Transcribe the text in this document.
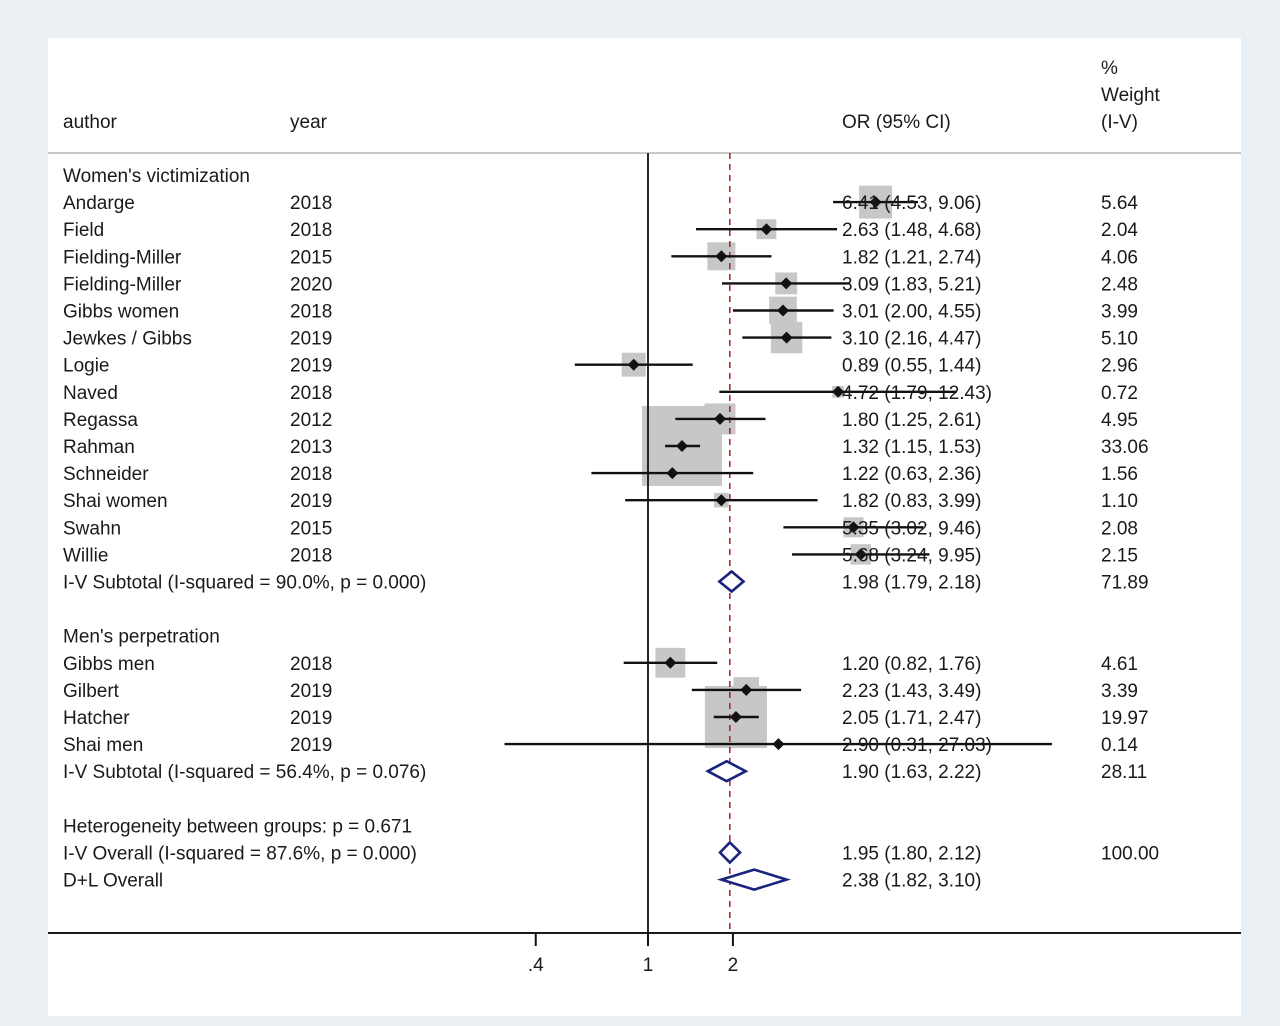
author	year	OR (95% CI)
%
Weight
(I-V)
Women's victimization
Andarge	2018	6.41 (4.53, 9.06)	5.64
Field	2018	2.63 (1.48, 4.68)	2.04
Fielding-Miller	2015	1.82 (1.21, 2.74)	4.06
Fielding-Miller	2020	3.09 (1.83, 5.21)	2.48
Gibbs women	2018	3.01 (2.00, 4.55)	3.99
Jewkes / Gibbs	2019	3.10 (2.16, 4.47)	5.10
Logie	2019	0.89 (0.55, 1.44)	2.96
Naved	2018	4.72 (1.79, 12.43)	0.72
Regassa	2012	1.80 (1.25, 2.61)	4.95
Rahman	2013	1.32 (1.15, 1.53)	33.06
Schneider	2018	1.22 (0.63, 2.36)	1.56
Shai women	2019	1.82 (0.83, 3.99)	1.10
Swahn	2015	5.35 (3.02, 9.46)	2.08
Willie	2018	5.68 (3.24, 9.95)	2.15
I-V Subtotal (I-squared = 90.0%, p = 0.000)	1.98 (1.79, 2.18)	71.89
Men's perpetration
Gibbs men	2018	1.20 (0.82, 1.76)	4.61
Gilbert	2019	2.23 (1.43, 3.49)	3.39
Hatcher	2019	2.05 (1.71, 2.47)	19.97
Shai men	2019	2.90 (0.31, 27.03)	0.14
I-V Subtotal (I-squared = 56.4%, p = 0.076)	1.90 (1.63, 2.22)	28.11
Heterogeneity between groups: p = 0.671
I-V Overall (I-squared = 87.6%, p = 0.000)	1.95 (1.80, 2.12)	100.00
D+L Overall	2.38 (1.82, 3.10)
.4	1	2
